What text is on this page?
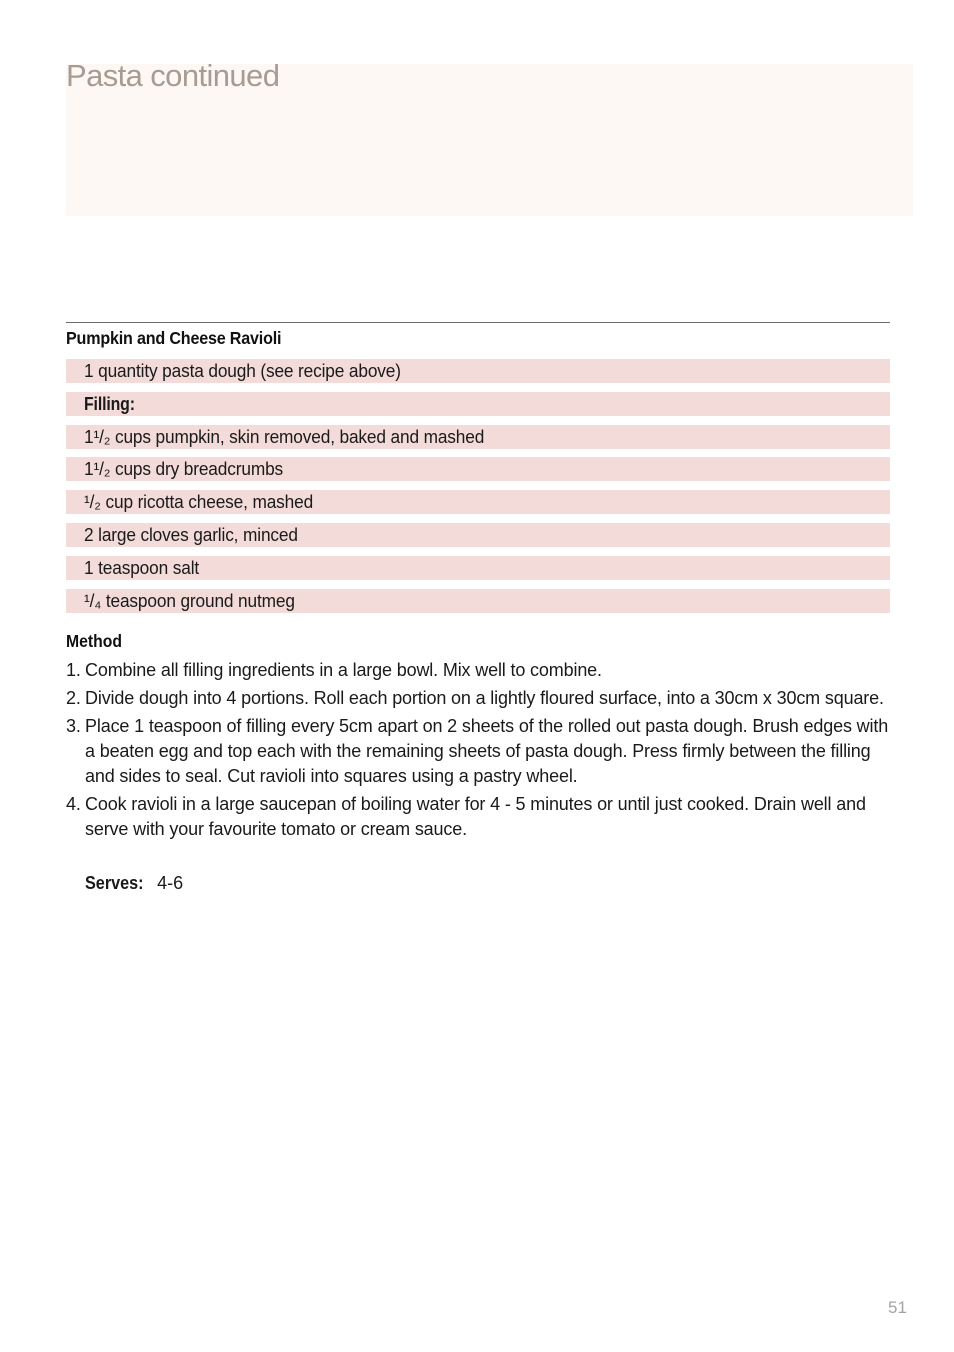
Pasta continued
Pumpkin and Cheese Ravioli
1 quantity pasta dough (see recipe above)
Filling:
1¹/₂ cups pumpkin, skin removed, baked and mashed
1¹/₂ cups dry breadcrumbs
¹/₂ cup ricotta cheese, mashed
2 large cloves garlic, minced
1 teaspoon salt
¹/₄ teaspoon ground nutmeg
Method
1. Combine all filling ingredients in a large bowl. Mix well to combine.
2. Divide dough into 4 portions. Roll each portion on a lightly floured surface, into a 30cm x 30cm square.
3. Place 1 teaspoon of filling every 5cm apart on 2 sheets of the rolled out pasta dough. Brush edges with a beaten egg and top each with the remaining sheets of pasta dough. Press firmly between the filling and sides to seal. Cut ravioli into squares using a pastry wheel.
4. Cook ravioli in a large saucepan of boiling water for 4 - 5 minutes or until just cooked. Drain well and serve with your favourite tomato or cream sauce.
Serves: 4-6
51
